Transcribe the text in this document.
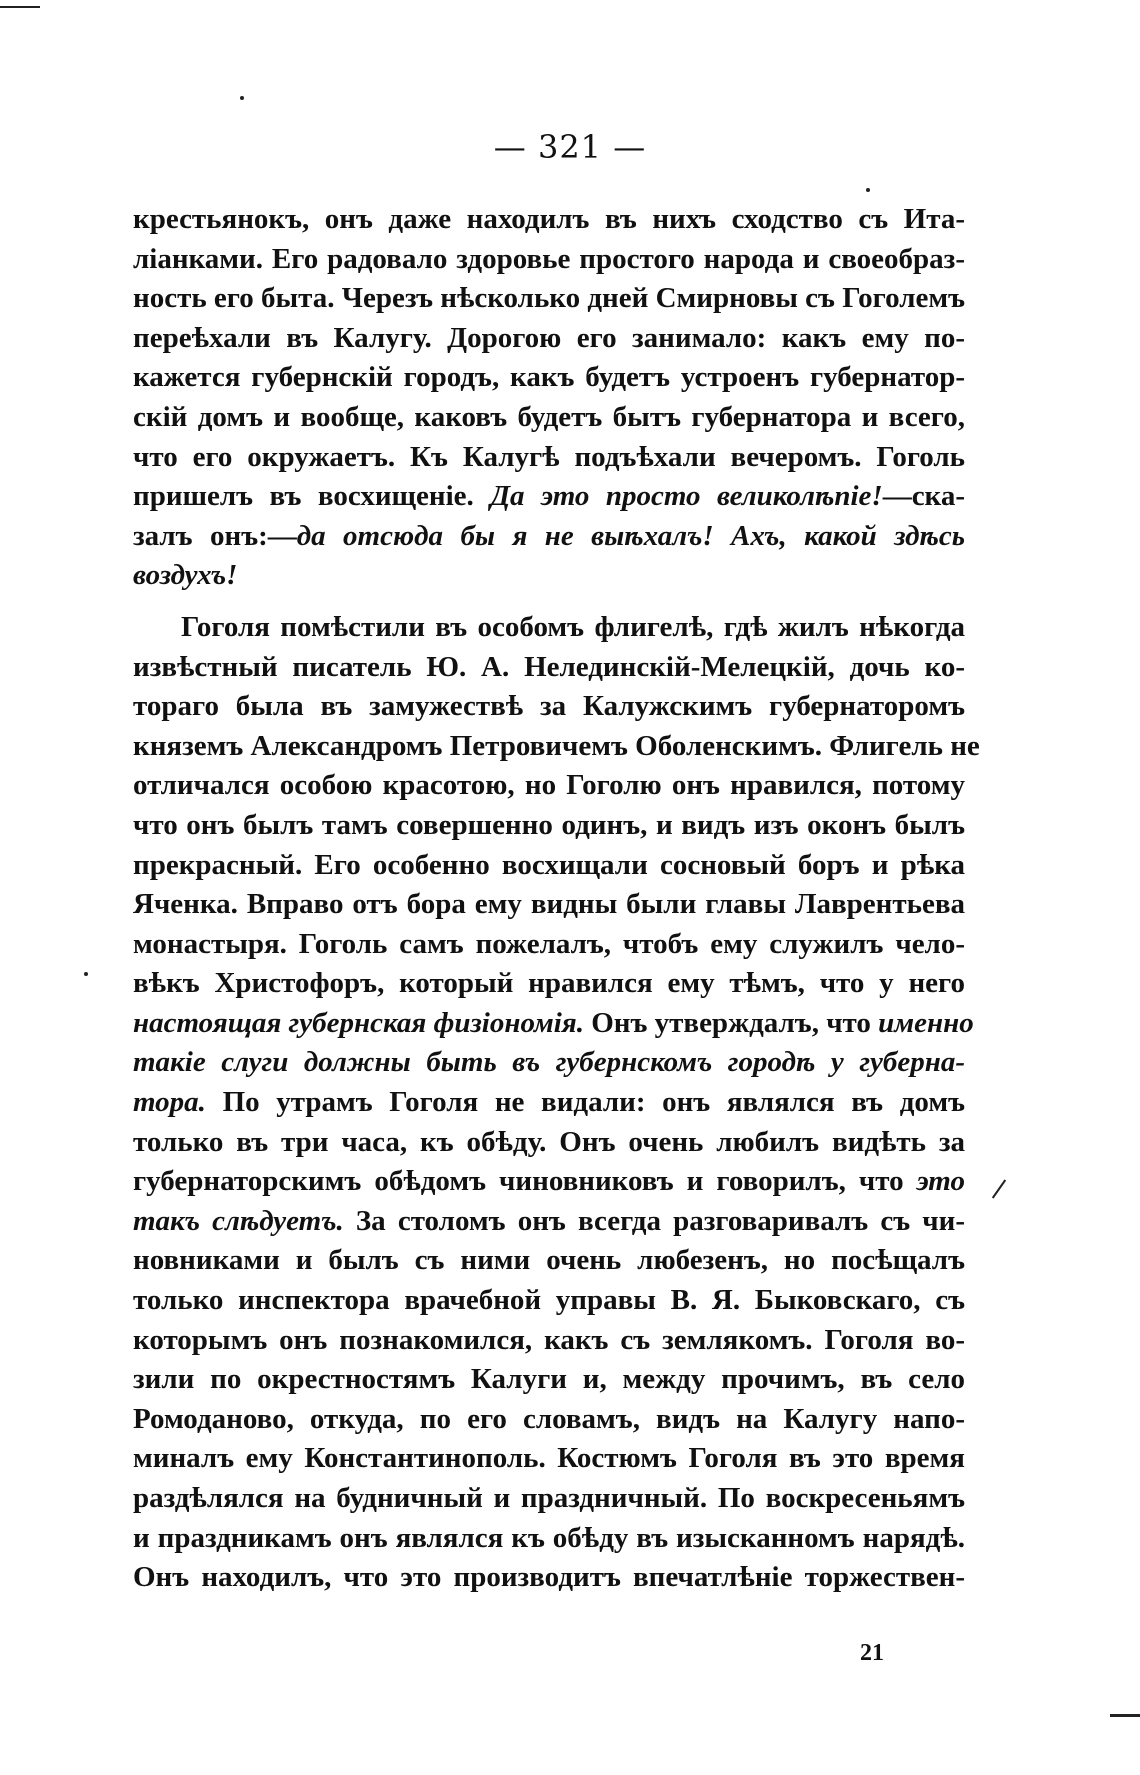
— 321 —
крестьянокъ, онъ даже находилъ въ нихъ сходство съ Ита-
ліанками. Его радовало здоровье простого народа и своеобраз-
ность его быта. Черезъ нѣсколько дней Смирновы съ Гоголемъ
переѣхали въ Калугу. Дорогою его занимало: какъ ему по-
кажется губернскій городъ, какъ будетъ устроенъ губернатор-
скій домъ и вообще, каковъ будетъ бытъ губернатора и всего,
что его окружаетъ. Къ Калугѣ подъѣхали вечеромъ. Гоголь
пришелъ въ восхищеніе. Да это просто великолѣпіе!—ска-
залъ онъ:—да отсюда бы я не выѣхалъ! Ахъ, какой здѣсь
воздухъ!
Гоголя помѣстили въ особомъ флигелѣ, гдѣ жилъ нѣкогда
извѣстный писатель Ю. А. Нелединскій-Мелецкій, дочь ко-
тораго была въ замужествѣ за Калужскимъ губернаторомъ
княземъ Александромъ Петровичемъ Оболенскимъ. Флигель не
отличался особою красотою, но Гоголю онъ нравился, потому
что онъ былъ тамъ совершенно одинъ, и видъ изъ оконъ былъ
прекрасный. Его особенно восхищали сосновый боръ и рѣка
Яченка. Вправо отъ бора ему видны были главы Лаврентьева
монастыря. Гоголь самъ пожелалъ, чтобъ ему служилъ чело-
вѣкъ Христофоръ, который нравился ему тѣмъ, что у него
настоящая губернская физіономія. Онъ утверждалъ, что именно
такіе слуги должны быть въ губернскомъ городѣ у губерна-
тора. По утрамъ Гоголя не видали: онъ являлся въ домъ
только въ три часа, къ обѣду. Онъ очень любилъ видѣть за
губернаторскимъ обѣдомъ чиновниковъ и говорилъ, что это
такъ слѣдуетъ. За столомъ онъ всегда разговаривалъ съ чи-
новниками и былъ съ ними очень любезенъ, но посѣщалъ
только инспектора врачебной управы В. Я. Быковскаго, съ
которымъ онъ познакомился, какъ съ землякомъ. Гоголя во-
зили по окрестностямъ Калуги и, между прочимъ, въ село
Ромоданово, откуда, по его словамъ, видъ на Калугу напо-
миналъ ему Константинополь. Костюмъ Гоголя въ это время
раздѣлялся на будничный и праздничный. По воскресеньямъ
и праздникамъ онъ являлся къ обѣду въ изысканномъ нарядѣ.
Онъ находилъ, что это производитъ впечатлѣніе торжествен-
21
